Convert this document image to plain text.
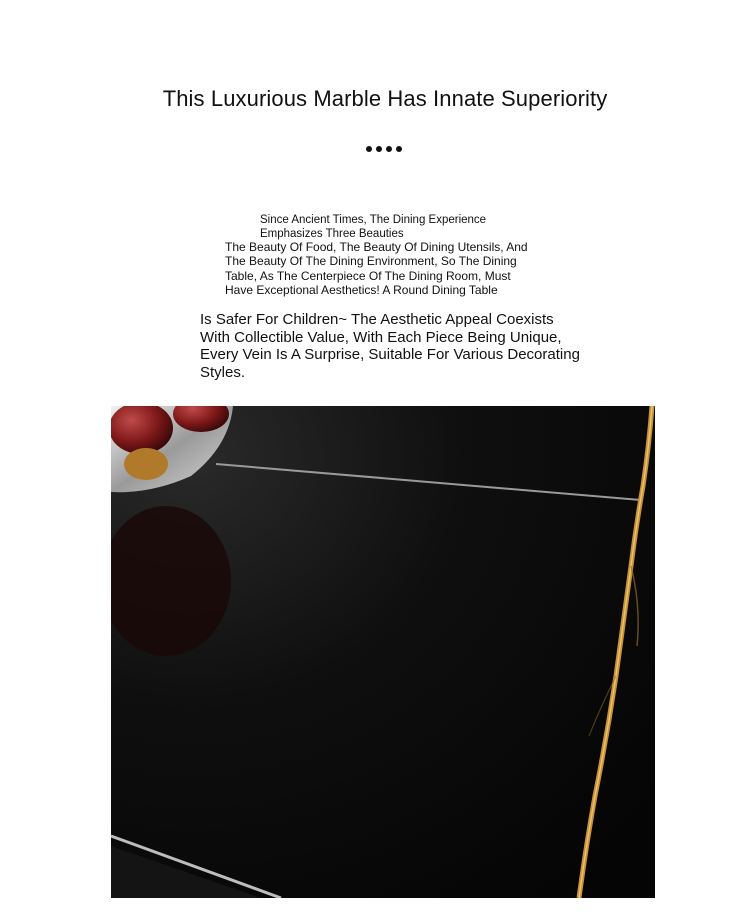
This Luxurious Marble Has Innate Superiority

Since Ancient Times, The Dining Experience Emphasizes Three Beauties

The Beauty Of Food, The Beauty Of Dining Utensils, And The Beauty Of The Dining Environment, So The Dining Table, As The Centerpiece Of The Dining Room, Must Have Exceptional Aesthetics! A Round Dining Table

Is Safer For Children~ The Aesthetic Appeal Coexists With Collectible Value, With Each Piece Being Unique, Every Vein Is A Surprise, Suitable For Various Decorating Styles.
